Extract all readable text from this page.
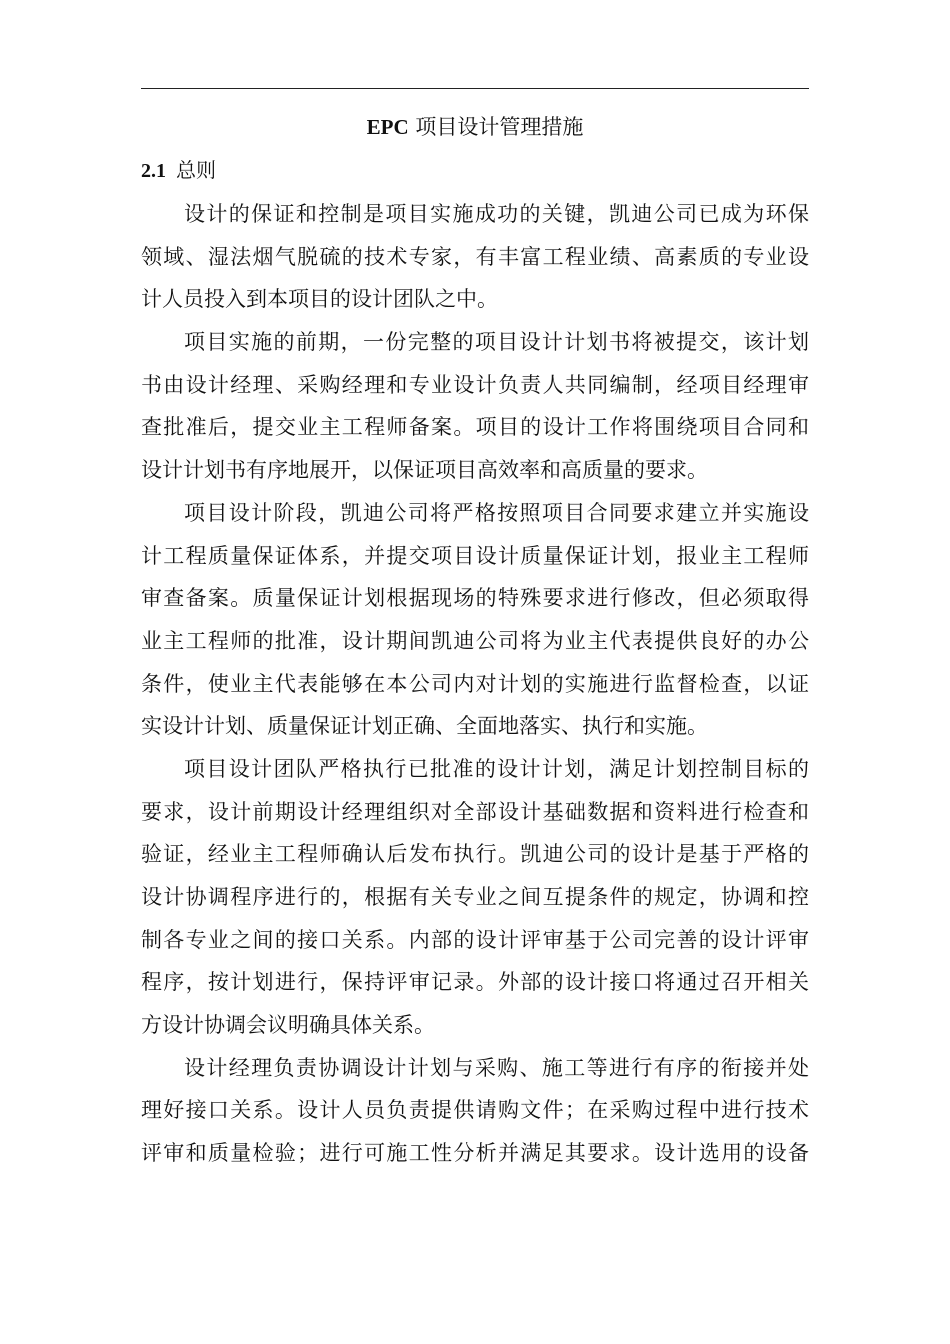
EPC 项目设计管理措施
2.1 总则
设计的保证和控制是项目实施成功的关键，凯迪公司已成为环保
领域、湿法烟气脱硫的技术专家，有丰富工程业绩、高素质的专业设
计人员投入到本项目的设计团队之中。
项目实施的前期，一份完整的项目设计计划书将被提交，该计划
书由设计经理、采购经理和专业设计负责人共同编制，经项目经理审
查批准后，提交业主工程师备案。项目的设计工作将围绕项目合同和
设计计划书有序地展开，以保证项目高效率和高质量的要求。
项目设计阶段，凯迪公司将严格按照项目合同要求建立并实施设
计工程质量保证体系，并提交项目设计质量保证计划，报业主工程师
审查备案。质量保证计划根据现场的特殊要求进行修改，但必须取得
业主工程师的批准，设计期间凯迪公司将为业主代表提供良好的办公
条件，使业主代表能够在本公司内对计划的实施进行监督检查，以证
实设计计划、质量保证计划正确、全面地落实、执行和实施。
项目设计团队严格执行已批准的设计计划，满足计划控制目标的
要求，设计前期设计经理组织对全部设计基础数据和资料进行检查和
验证，经业主工程师确认后发布执行。凯迪公司的设计是基于严格的
设计协调程序进行的，根据有关专业之间互提条件的规定，协调和控
制各专业之间的接口关系。内部的设计评审基于公司完善的设计评审
程序，按计划进行，保持评审记录。外部的设计接口将通过召开相关
方设计协调会议明确具体关系。
设计经理负责协调设计计划与采购、施工等进行有序的衔接并处
理好接口关系。设计人员负责提供请购文件；在采购过程中进行技术
评审和质量检验；进行可施工性分析并满足其要求。设计选用的设备
